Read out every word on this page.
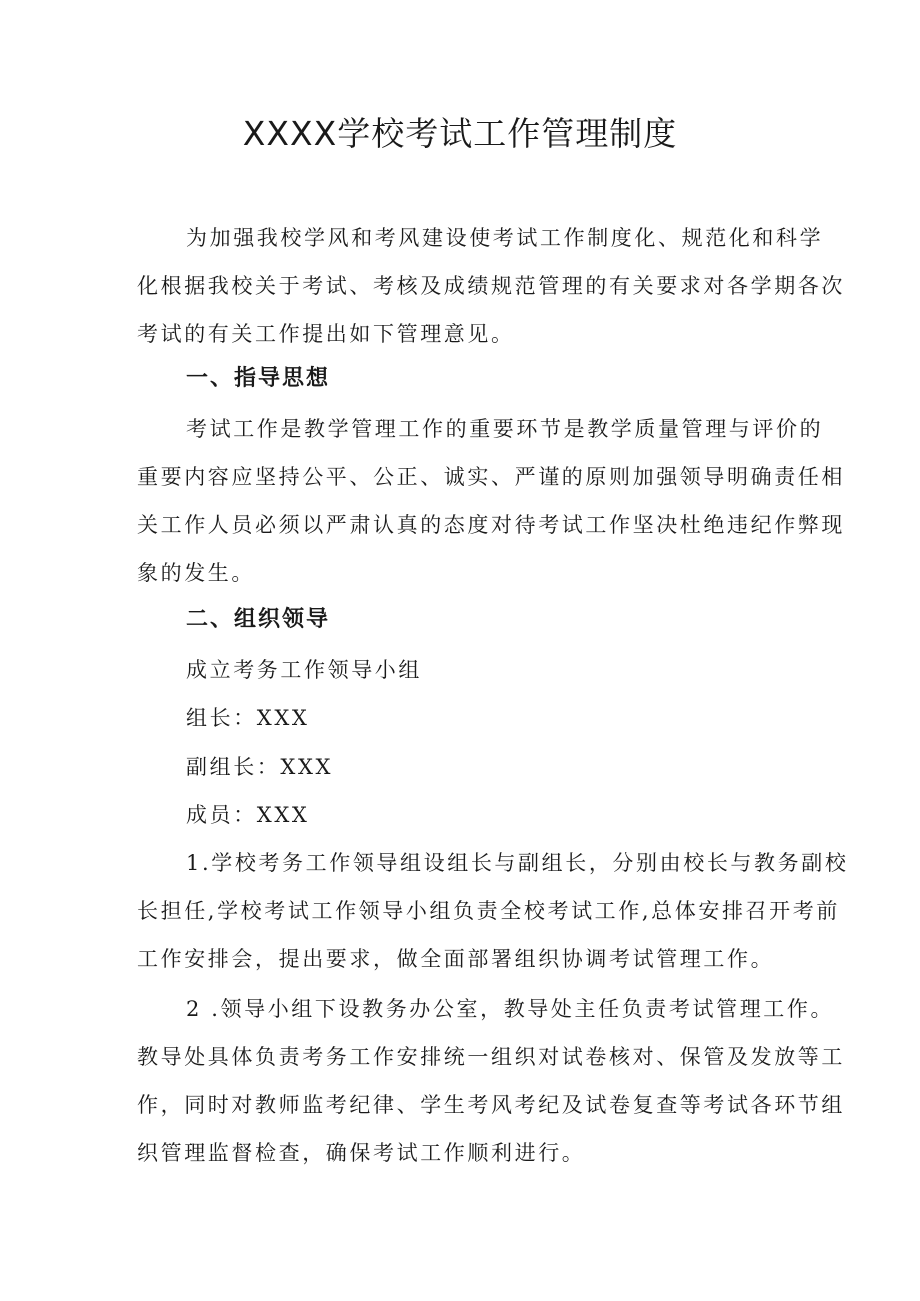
XXXX学校考试工作管理制度
为加强我校学风和考风建设使考试工作制度化、规范化和科学
化根据我校关于考试、考核及成绩规范管理的有关要求对各学期各次
考试的有关工作提出如下管理意见。
一、指导思想
考试工作是教学管理工作的重要环节是教学质量管理与评价的
重要内容应坚持公平、公正、诚实、严谨的原则加强领导明确责任相
关工作人员必须以严肃认真的态度对待考试工作坚决杜绝违纪作弊现
象的发生。
二、组织领导
成立考务工作领导小组
组长：XXX
副组长：XXX
成员：XXX
1.学校考务工作领导组设组长与副组长，分别由校长与教务副校
长担任,学校考试工作领导小组负责全校考试工作,总体安排召开考前
工作安排会，提出要求，做全面部署组织协调考试管理工作。
2 .领导小组下设教务办公室，教导处主任负责考试管理工作。
教导处具体负责考务工作安排统一组织对试卷核对、保管及发放等工
作，同时对教师监考纪律、学生考风考纪及试卷复查等考试各环节组
织管理监督检查，确保考试工作顺利进行。
